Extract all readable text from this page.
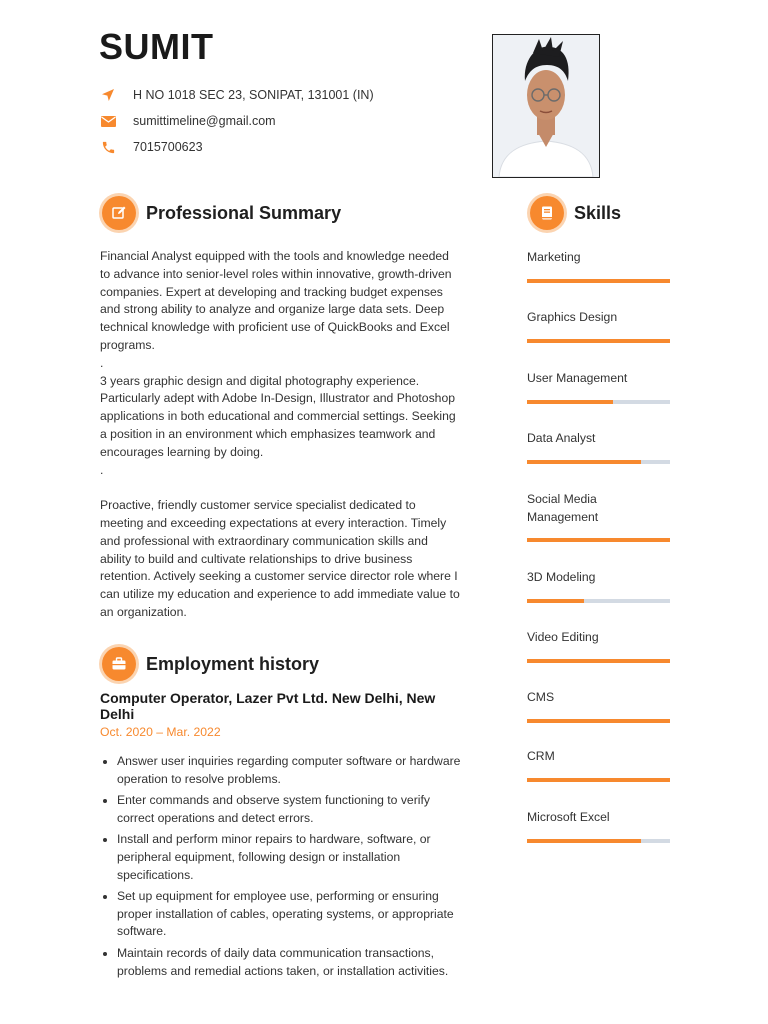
SUMIT
H NO 1018 SEC 23, SONIPAT, 131001 (IN)
sumittimeline@gmail.com
7015700623
Professional Summary

Financial Analyst equipped with the tools and knowledge needed to advance into senior-level roles within innovative, growth-driven companies. Expert at developing and tracking budget expenses and strong ability to analyze and organize large data sets. Deep technical knowledge with proficient use of QuickBooks and Excel programs.
.

3 years graphic design and digital photography experience. Particularly adept with Adobe In-Design, Illustrator and Photoshop applications in both educational and commercial settings. Seeking a position in an environment which emphasizes teamwork and encourages learning by doing.
.

Proactive, friendly customer service specialist dedicated to meeting and exceeding expectations at every interaction. Timely and professional with extraordinary communication skills and ability to build and cultivate relationships to drive business retention. Actively seeking a customer service director role where I can utilize my education and experience to add immediate value to an organization.

Employment history
Computer Operator, Lazer Pvt Ltd. New Delhi, New Delhi
Oct. 2020 – Mar. 2022
• Answer user inquiries regarding computer software or hardware operation to resolve problems.
• Enter commands and observe system functioning to verify correct operations and detect errors.
• Install and perform minor repairs to hardware, software, or peripheral equipment, following design or installation specifications.
• Set up equipment for employee use, performing or ensuring proper installation of cables, operating systems, or appropriate software.
• Maintain records of daily data communication transactions, problems and remedial actions taken, or installation activities.
Skills
Marketing
Graphics Design
User Management
Data Analyst
Social Media Management
3D Modeling
Video Editing
CMS
CRM
Microsoft Excel
